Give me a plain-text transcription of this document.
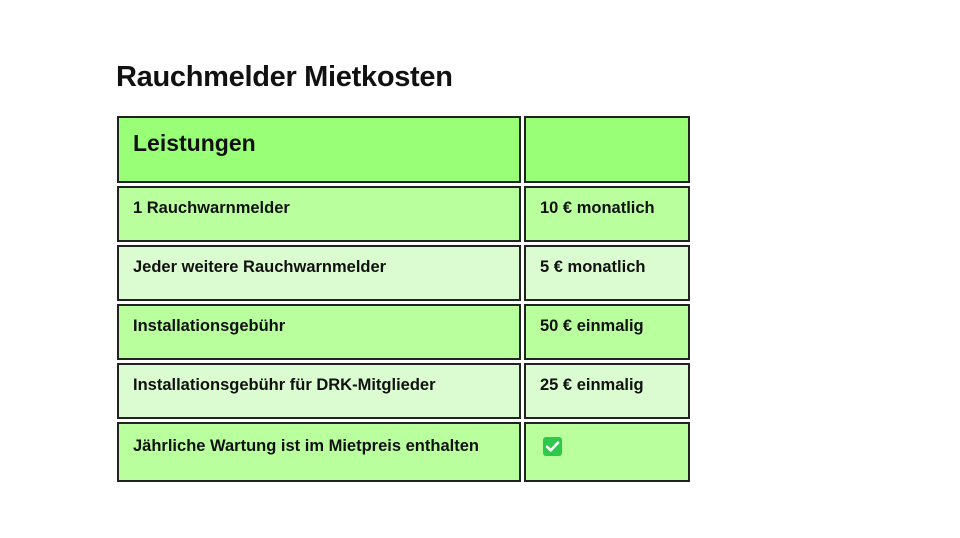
Rauchmelder Mietkosten
Leistungen
1 Rauchwarnmelder	10 € monatlich
Jeder weitere Rauchwarnmelder	5 € monatlich
Installationsgebühr	50 € einmalig
Installationsgebühr für DRK-Mitglieder	25 € einmalig
Jährliche Wartung ist im Mietpreis enthalten
